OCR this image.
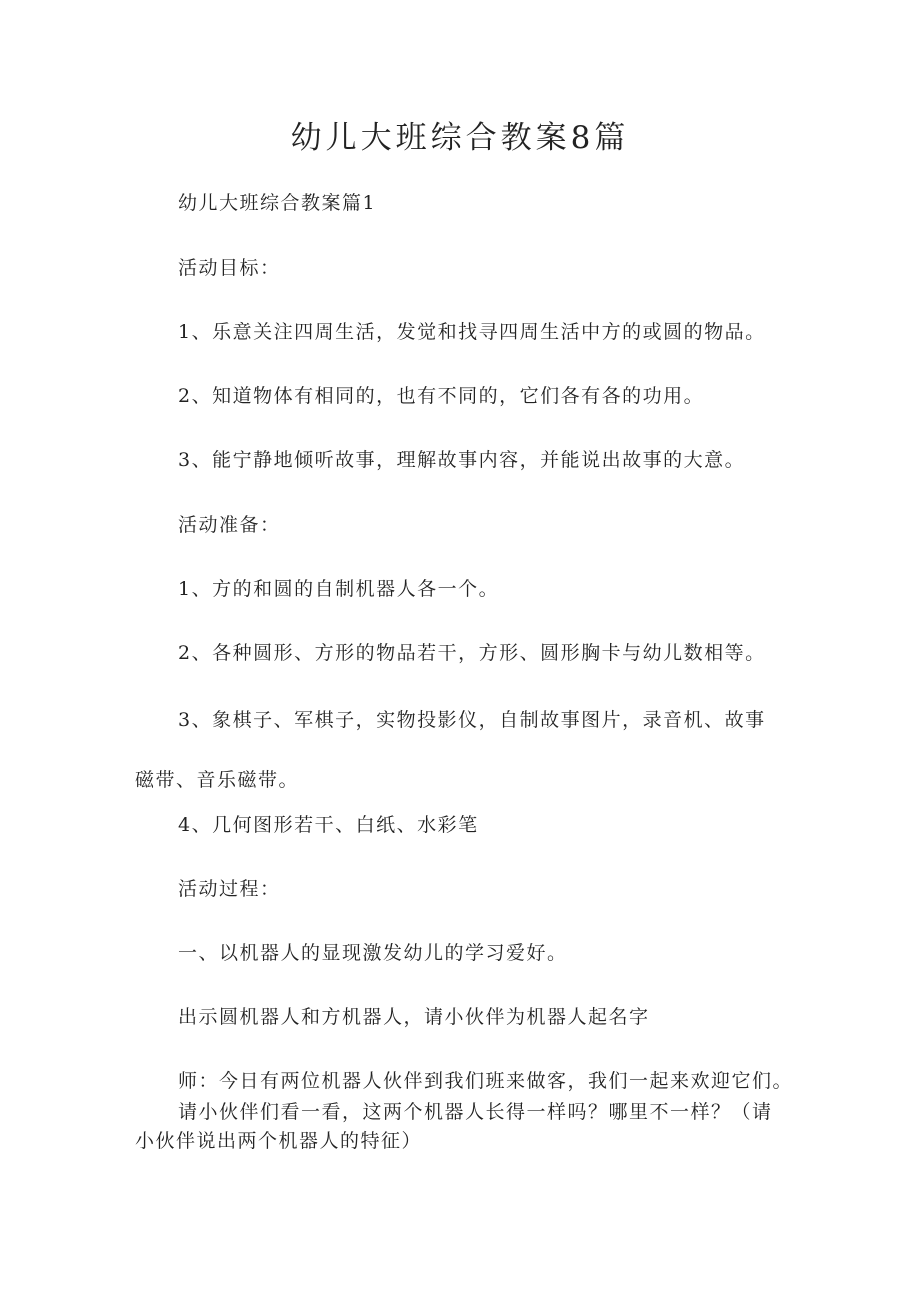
幼儿大班综合教案8篇
幼儿大班综合教案篇1
活动目标：
1、乐意关注四周生活，发觉和找寻四周生活中方的或圆的物品。
2、知道物体有相同的，也有不同的，它们各有各的功用。
3、能宁静地倾听故事，理解故事内容，并能说出故事的大意。
活动准备：
1、方的和圆的自制机器人各一个。
2、各种圆形、方形的物品若干，方形、圆形胸卡与幼儿数相等。
3、象棋子、军棋子，实物投影仪，自制故事图片，录音机、故事磁带、音乐磁带。
4、几何图形若干、白纸、水彩笔
活动过程：
一、以机器人的显现激发幼儿的学习爱好。
出示圆机器人和方机器人，请小伙伴为机器人起名字
师：今日有两位机器人伙伴到我们班来做客，我们一起来欢迎它们。
请小伙伴们看一看，这两个机器人长得一样吗？哪里不一样？（请小伙伴说出两个机器人的特征）
